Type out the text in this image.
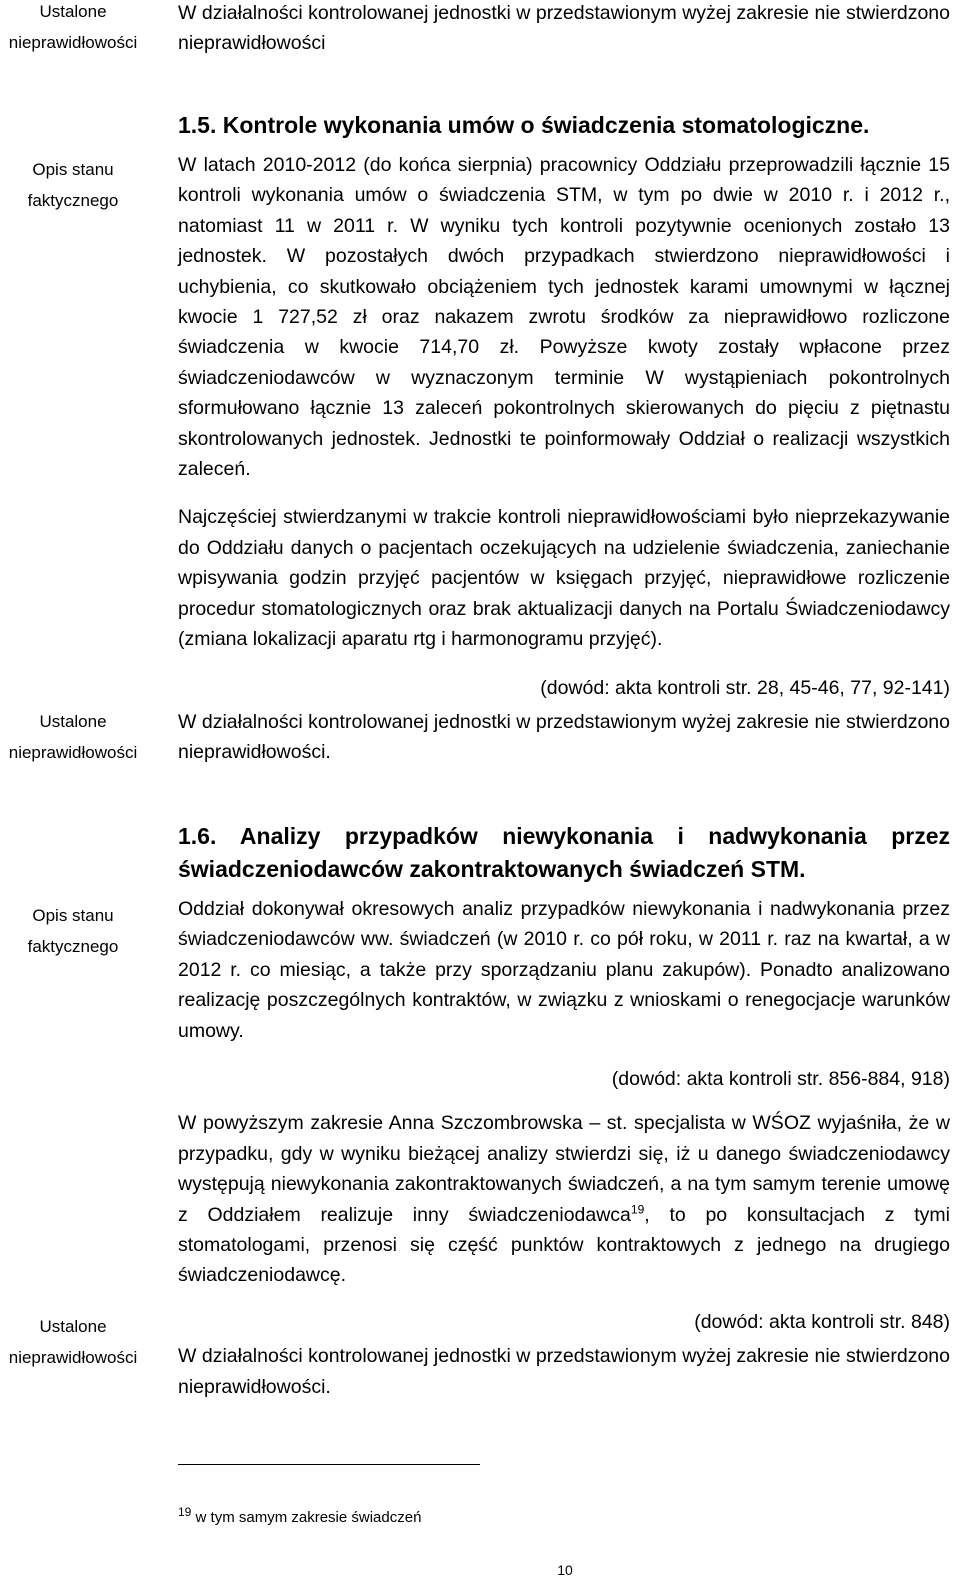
Ustalone
nieprawidłowości
Opis stanu
faktycznego
Ustalone
nieprawidłowości
Opis stanu
faktycznego
Ustalone
nieprawidłowości

W działalności kontrolowanej jednostki w przedstawionym wyżej zakresie nie stwierdzono nieprawidłowości

1.5. Kontrole wykonania umów o świadczenia stomatologiczne.

W latach 2010-2012 (do końca sierpnia) pracownicy Oddziału przeprowadzili łącznie 15 kontroli wykonania umów o świadczenia STM, w tym po dwie w 2010 r. i 2012 r., natomiast 11 w 2011 r. W wyniku tych kontroli pozytywnie ocenionych zostało 13 jednostek. W pozostałych dwóch przypadkach stwierdzono nieprawidłowości i uchybienia, co skutkowało obciążeniem tych jednostek karami umownymi w łącznej kwocie 1 727,52 zł oraz nakazem zwrotu środków za nieprawidłowo rozliczone świadczenia w kwocie 714,70 zł. Powyższe kwoty zostały wpłacone przez świadczeniodawców w wyznaczonym terminie W wystąpieniach pokontrolnych sformułowano łącznie 13 zaleceń pokontrolnych skierowanych do pięciu z piętnastu skontrolowanych jednostek. Jednostki te poinformowały Oddział o realizacji wszystkich zaleceń.

Najczęściej stwierdzanymi w trakcie kontroli nieprawidłowościami było nieprzekazywanie do Oddziału danych o pacjentach oczekujących na udzielenie świadczenia, zaniechanie wpisywania godzin przyjęć pacjentów w księgach przyjęć, nieprawidłowe rozliczenie procedur stomatologicznych oraz brak aktualizacji danych na Portalu Świadczeniodawcy (zmiana lokalizacji aparatu rtg i harmonogramu przyjęć).

(dowód: akta kontroli str. 28, 45-46, 77, 92-141)

W działalności kontrolowanej jednostki w przedstawionym wyżej zakresie nie stwierdzono nieprawidłowości.

1.6. Analizy przypadków niewykonania i nadwykonania przez świadczeniodawców zakontraktowanych świadczeń STM.

Oddział dokonywał okresowych analiz przypadków niewykonania i nadwykonania przez świadczeniodawców ww. świadczeń (w 2010 r. co pół roku, w 2011 r. raz na kwartał, a w 2012 r. co miesiąc, a także przy sporządzaniu planu zakupów). Ponadto analizowano realizację poszczególnych kontraktów, w związku z wnioskami o renegocjacje warunków umowy.

(dowód: akta kontroli str. 856-884, 918)

W powyższym zakresie Anna Szczombrowska – st. specjalista w WŚOZ wyjaśniła, że w przypadku, gdy w wyniku bieżącej analizy stwierdzi się, iż u danego świadczeniodawcy występują niewykonania zakontraktowanych świadczeń, a na tym samym terenie umowę z Oddziałem realizuje inny świadczeniodawca$^{19}$, to po konsultacjach z tymi stomatologami, przenosi się część punktów kontraktowych z jednego na drugiego świadczeniodawcę.

(dowód: akta kontroli str. 848)

W działalności kontrolowanej jednostki w przedstawionym wyżej zakresie nie stwierdzono nieprawidłowości.

$^{19}$ w tym samym zakresie świadczeń
10
